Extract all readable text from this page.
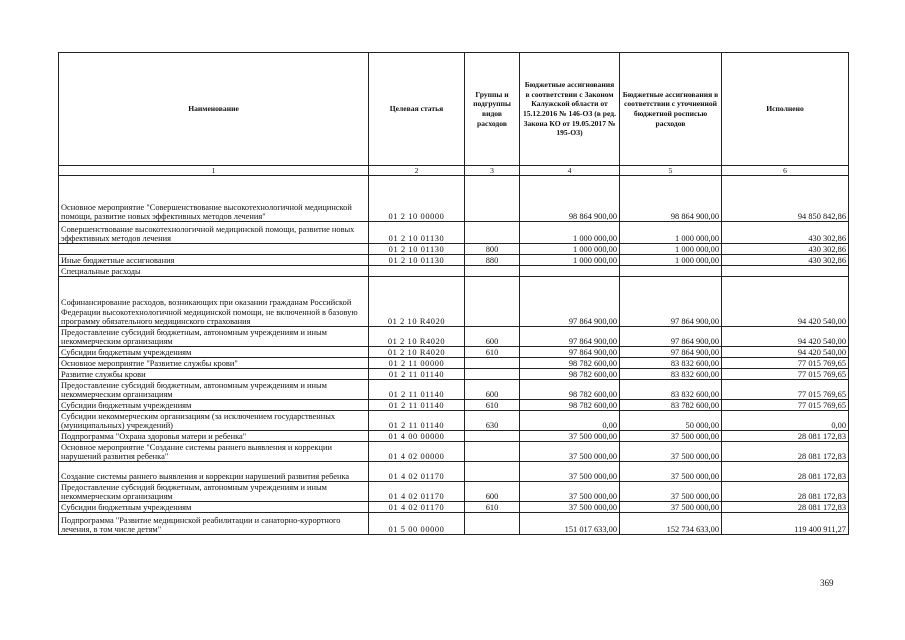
Наименование	Целевая статья	Группы и подгруппы видов расходов	Бюджетные ассигнования в соответствии с Законом Калужской области от 15.12.2016 № 146-ОЗ (в ред. Закона КО от 19.05.2017 № 195-ОЗ)	Бюджетные ассигнования в соответствии с уточненной бюджетной росписью расходов	Исполнено
1	2	3	4	5	6
Основное мероприятие "Совершенствование высокотехнологичной медицинской помощи, развитие новых эффективных методов лечения"	01 2 10 00000		98 864 900,00	98 864 900,00	94 850 842,86
Совершенствование высокотехнологичной медицинской помощи, развитие новых эффективных методов лечения	01 2 10 01130		1 000 000,00	1 000 000,00	430 302,86
	01 2 10 01130	800	1 000 000,00	1 000 000,00	430 302,86
Иные бюджетные ассигнования	01 2 10 01130	880	1 000 000,00	1 000 000,00	430 302,86
Специальные расходы					
Софинансирование расходов, возникающих при оказании гражданам Российской Федерации высокотехнологичной медицинской помощи, не включенной в базовую программу обязательного медицинского страхования	01 2 10 R4020		97 864 900,00	97 864 900,00	94 420 540,00
Предоставление субсидий бюджетным, автономным учреждениям и иным некоммерческим организациям	01 2 10 R4020	600	97 864 900,00	97 864 900,00	94 420 540,00
Субсидии бюджетным учреждениям	01 2 10 R4020	610	97 864 900,00	97 864 900,00	94 420 540,00
Основное мероприятие "Развитие службы крови"	01 2 11 00000		98 782 600,00	83 832 600,00	77 015 769,65
Развитие службы крови	01 2 11 01140		98 782 600,00	83 832 600,00	77 015 769,65
Предоставление субсидий бюджетным, автономным учреждениям и иным некоммерческим организациям	01 2 11 01140	600	98 782 600,00	83 832 600,00	77 015 769,65
Субсидии бюджетным учреждениям	01 2 11 01140	610	98 782 600,00	83 782 600,00	77 015 769,65
Субсидии некоммерческим организациям (за исключением государственных (муниципальных) учреждений)	01 2 11 01140	630	0,00	50 000,00	0,00
Подпрограмма "Охрана здоровья матери и ребенка"	01 4 00 00000		37 500 000,00	37 500 000,00	28 081 172,83
Основное мероприятие "Создание системы раннего выявления и коррекции нарушений развития ребенка"	01 4 02 00000		37 500 000,00	37 500 000,00	28 081 172,83
Создание системы раннего выявления и коррекции нарушений развития ребенка	01 4 02 01170		37 500 000,00	37 500 000,00	28 081 172,83
Предоставление субсидий бюджетным, автономным учреждениям и иным некоммерческим организациям	01 4 02 01170	600	37 500 000,00	37 500 000,00	28 081 172,83
Субсидии бюджетным учреждениям	01 4 02 01170	610	37 500 000,00	37 500 000,00	28 081 172,83
Подпрограмма "Развитие медицинской реабилитации и санаторно-курортного лечения, в том числе детям"	01 5 00 00000		151 017 633,00	152 734 633,00	119 400 911,27
369
